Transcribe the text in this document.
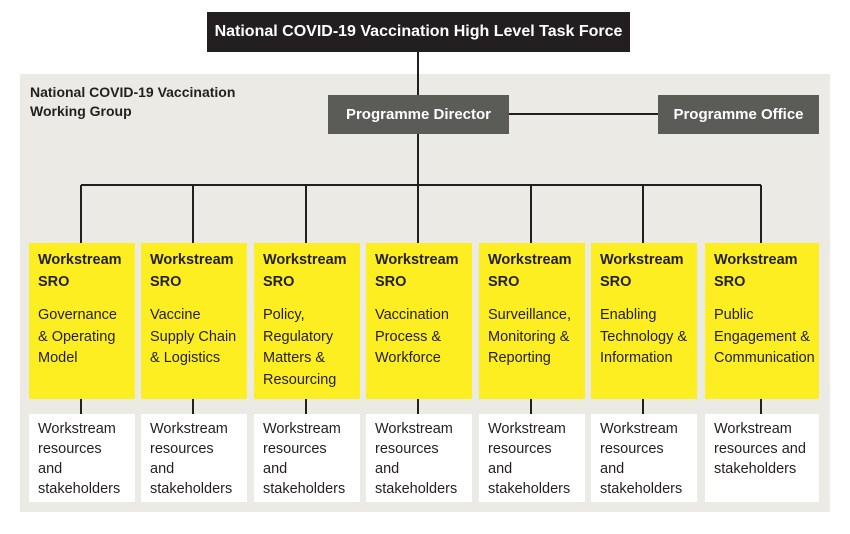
National COVID-19 Vaccination
Working Group
National COVID-19 Vaccination High Level Task Force
Programme Director	Programme Office
Workstream
SRO
Governance
& Operating
Model
Workstream
SRO
Vaccine
Supply Chain
& Logistics
Workstream
SRO
Policy,
Regulatory
Matters &
Resourcing
Workstream
SRO
Vaccination
Process &
Workforce
Workstream
SRO
Surveillance,
Monitoring &
Reporting
Workstream
SRO
Enabling
Technology &
Information
Workstream
SRO
Public
Engagement &
Communication
Workstream
resources
and
stakeholders
Workstream
resources
and
stakeholders
Workstream
resources
and
stakeholders
Workstream
resources
and
stakeholders
Workstream
resources
and
stakeholders
Workstream
resources
and
stakeholders
Workstream
resources and
stakeholders
